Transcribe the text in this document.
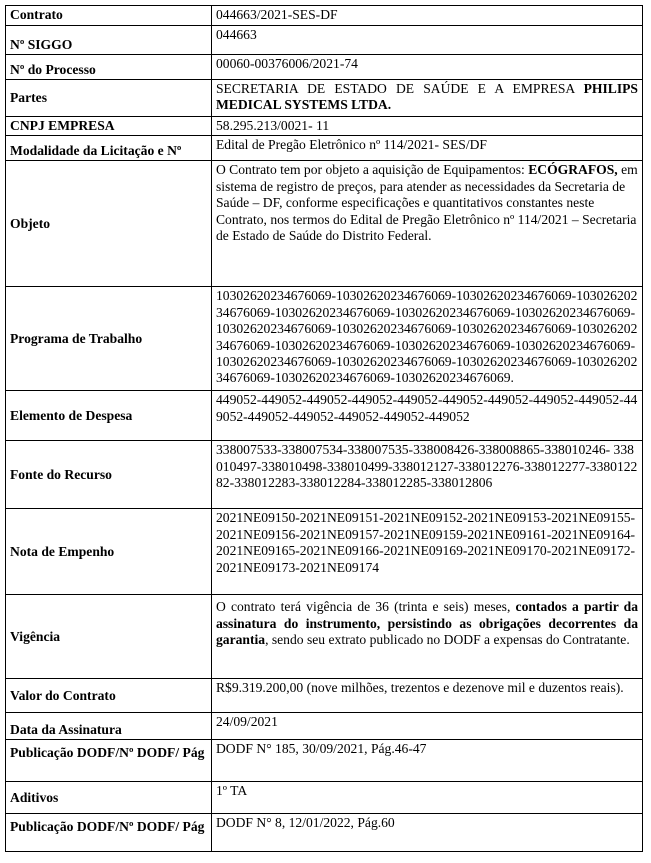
Contrato	044663/2021-SES-DF
Nº SIGGO	044663
Nº do Processo	00060-00376006/2021-74
Partes	SECRETARIA DE ESTADO DE SAÚDE E A EMPRESA PHILIPS MEDICAL SYSTEMS LTDA.
CNPJ EMPRESA	58.295.213/0021- 11
Modalidade da Licitação e Nº	Edital de Pregão Eletrônico nº 114/2021- SES/DF
Objeto	O Contrato tem por objeto a aquisição de Equipamentos: ECÓGRAFOS, em sistema de registro de preços, para atender as necessidades da Secretaria de Saúde – DF, conforme especificações e quantitativos constantes neste Contrato, nos termos do Edital de Pregão Eletrônico nº 114/2021 – Secretaria de Estado de Saúde do Distrito Federal.
Programa de Trabalho	10302620234676069-10302620234676069-10302620234676069-10302620234676069-10302620234676069-10302620234676069-10302620234676069-10302620234676069-10302620234676069-10302620234676069-10302620234676069-10302620234676069-10302620234676069-10302620234676069-10302620234676069-10302620234676069-10302620234676069-10302620234676069-10302620234676069-10302620234676069.
Elemento de Despesa	449052-449052-449052-449052-449052-449052-449052-449052-449052-449052-449052-449052-449052-449052-449052
Fonte do Recurso	338007533-338007534-338007535-338008426-338008865-338010246- 338010497-338010498-338010499-338012127-338012276-338012277-338012282-338012283-338012284-338012285-338012806
Nota de Empenho	2021NE09150-2021NE09151-2021NE09152-2021NE09153-2021NE09155- 2021NE09156-2021NE09157-2021NE09159-2021NE09161-2021NE09164-2021NE09165-2021NE09166-2021NE09169-2021NE09170-2021NE09172-2021NE09173-2021NE09174
Vigência	O contrato terá vigência de 36 (trinta e seis) meses, contados a partir da assinatura do instrumento, persistindo as obrigações decorrentes da garantia, sendo seu extrato publicado no DODF a expensas do Contratante.
Valor do Contrato	R$9.319.200,00 (nove milhões, trezentos e dezenove mil e duzentos reais).
Data da Assinatura	24/09/2021
Publicação DODF/Nº DODF/ Pág	DODF N° 185, 30/09/2021, Pág.46-47
Aditivos	1º TA
Publicação DODF/Nº DODF/ Pág	DODF N° 8, 12/01/2022, Pág.60
